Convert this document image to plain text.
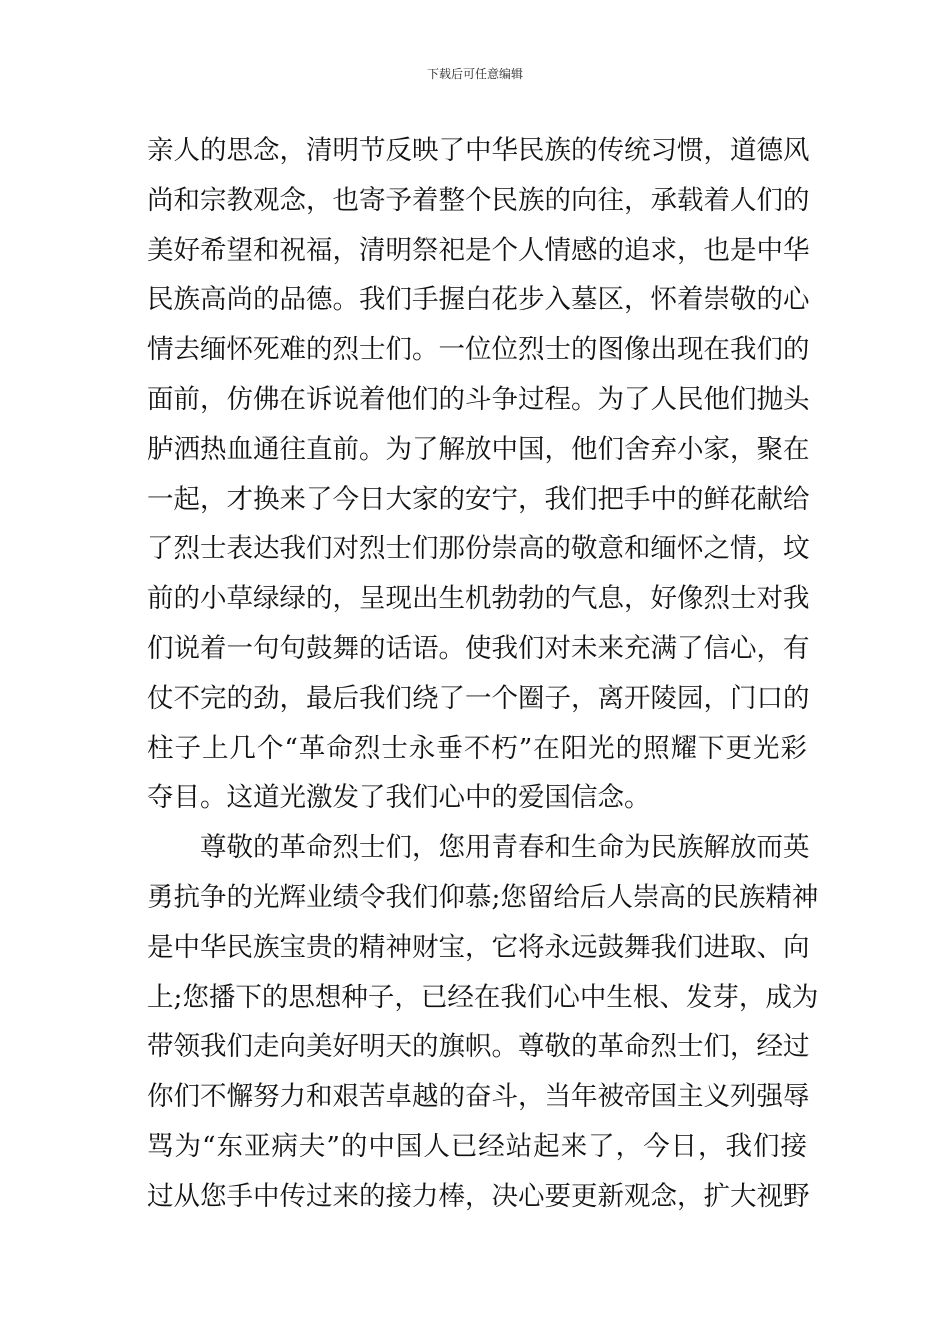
下载后可任意编辑
亲人的思念，清明节反映了中华民族的传统习惯，道德风
尚和宗教观念，也寄予着整个民族的向往，承载着人们的
美好希望和祝福，清明祭祀是个人情感的追求，也是中华
民族高尚的品德。我们手握白花步入墓区，怀着崇敬的心
情去缅怀死难的烈士们。一位位烈士的图像出现在我们的
面前，仿佛在诉说着他们的斗争过程。为了人民他们抛头
胪洒热血通往直前。为了解放中国，他们舍弃小家，聚在
一起，才换来了今日大家的安宁，我们把手中的鲜花献给
了烈士表达我们对烈士们那份崇高的敬意和缅怀之情，坟
前的小草绿绿的，呈现出生机勃勃的气息，好像烈士对我
们说着一句句鼓舞的话语。使我们对未来充满了信心，有
仗不完的劲，最后我们绕了一个圈子，离开陵园，门口的
柱子上几个“革命烈士永垂不朽”在阳光的照耀下更光彩
夺目。这道光激发了我们心中的爱国信念。
尊敬的革命烈士们，您用青春和生命为民族解放而英
勇抗争的光辉业绩令我们仰慕;您留给后人崇高的民族精神
是中华民族宝贵的精神财宝，它将永远鼓舞我们进取、向
上;您播下的思想种子，已经在我们心中生根、发芽，成为
带领我们走向美好明天的旗帜。尊敬的革命烈士们，经过
你们不懈努力和艰苦卓越的奋斗，当年被帝国主义列强辱
骂为“东亚病夫”的中国人已经站起来了，今日，我们接
过从您手中传过来的接力棒，决心要更新观念，扩大视野
